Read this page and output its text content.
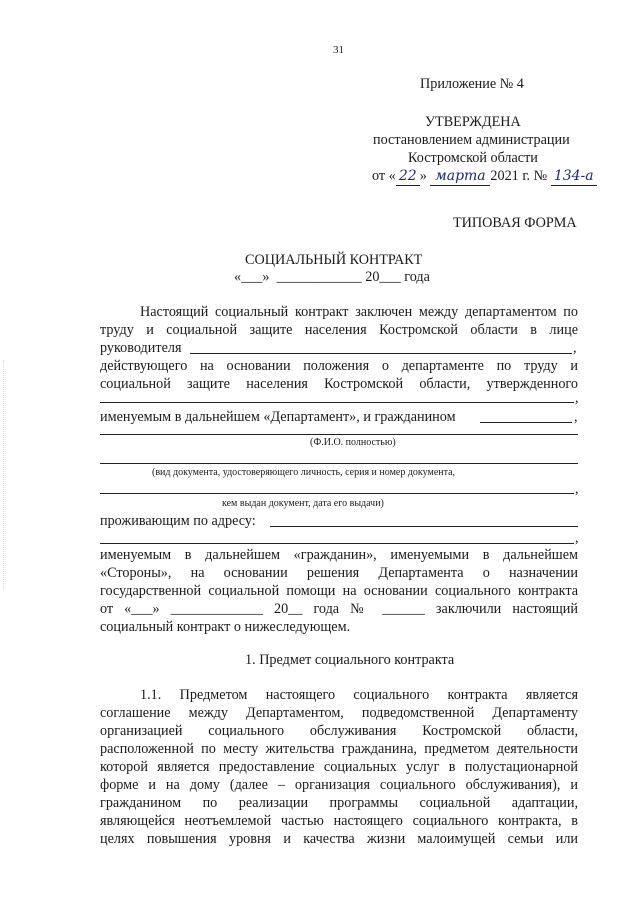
31
Приложение № 4
УТВЕРЖДЕНА
постановлением администрации
Костромской области
от « 22 » марта 2021 г. № 134-а
ТИПОВАЯ ФОРМА
СОЦИАЛЬНЫЙ КОНТРАКТ
«___» ____________ 20___ года
Настоящий социальный контракт заключен между департаментом по
труду и социальной защите населения Костромской области в лице
руководителя	,
действующего на основании положения о департаменте по труду и
социальной защите населения Костромской области, утвержденного
,
именуемым в дальнейшем «Департамент», и гражданином	,
(Ф.И.О. полностью)
(вид документа, удостоверяющего личность, серия и номер документа,
,
кем выдан документ, дата его выдачи)
проживающим по адресу:
,
именуемым в дальнейшем «гражданин», именуемыми в дальнейшем
«Стороны», на основании решения Департамента о назначении
государственной социальной помощи на основании социального контракта
от «___» _____________ 20__ года № ______ заключили настоящий
социальный контракт о нижеследующем.
1. Предмет социального контракта
1.1. Предметом настоящего социального контракта является
соглашение между Департаментом, подведомственной Департаменту
организацией социального обслуживания Костромской области,
расположенной по месту жительства гражданина, предметом деятельности
которой является предоставление социальных услуг в полустационарной
форме и на дому (далее – организация социального обслуживания), и
гражданином по реализации программы социальной адаптации,
являющейся неотъемлемой частью настоящего социального контракта, в
целях повышения уровня и качества жизни малоимущей семьи или
